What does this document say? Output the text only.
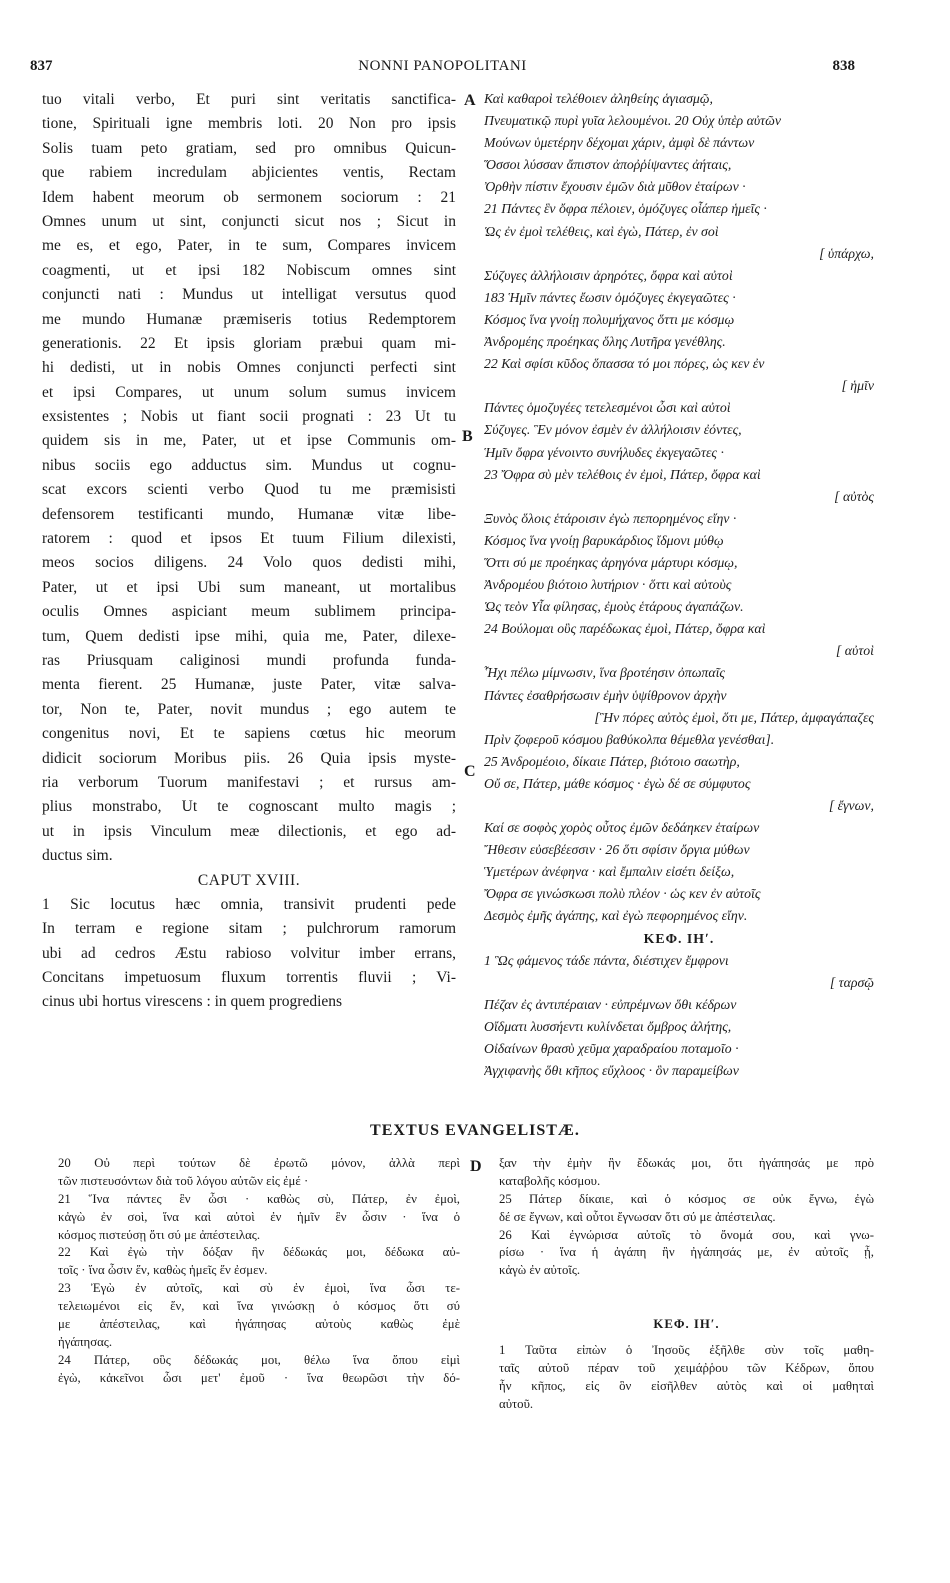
837	NONNI PANOPOLITANI	838
tuo vitali verbo, Et puri sint veritatis sanctifica-
tione, Spirituali igne membris loti. 20 Non pro ipsis
Solis tuam peto gratiam, sed pro omnibus Quicun-
que rabiem incredulam abjicientes ventis, Rectam
Idem habent meorum ob sermonem sociorum : 21
Omnes unum ut sint, conjuncti sicut nos ; Sicut in
me es, et ego, Pater, in te sum, Compares invicem
coagmenti, ut et ipsi 182 Nobiscum omnes sint
conjuncti nati : Mundus ut intelligat versutus quod
me mundo Humanæ præmiseris totius Redemptorem
generationis. 22 Et ipsis gloriam præbui quam mi-
hi dedisti, ut in nobis Omnes conjuncti perfecti sint
et ipsi Compares, ut unum solum sumus invicem
exsistentes ; Nobis ut fiant socii prognati : 23 Ut tu
quidem sis in me, Pater, ut et ipse Communis om-
nibus sociis ego adductus sim. Mundus ut cognu-
scat excors scienti verbo Quod tu me præmisisti
defensorem testificanti mundo, Humanæ vitæ libe-
ratorem : quod et ipsos Et tuum Filium dilexisti,
meos socios diligens. 24 Volo quos dedisti mihi,
Pater, ut et ipsi Ubi sum maneant, ut mortalibus
oculis Omnes aspiciant meum sublimem principa-
tum, Quem dedisti ipse mihi, quia me, Pater, dilexe-
ras Priusquam caliginosi mundi profunda funda-
menta fierent. 25 Humanæ, juste Pater, vitæ salva-
tor, Non te, Pater, novit mundus ; ego autem te
congenitus novi, Et te sapiens cœtus hic meorum
didicit sociorum Moribus piis. 26 Quia ipsis myste-
ria verborum Tuorum manifestavi ; et rursus am-
plius monstrabo, Ut te cognoscant multo magis ;
ut in ipsis Vinculum meæ dilectionis, et ego ad-
ductus sim.
CAPUT XVIII.
1 Sic locutus hæc omnia, transivit prudenti pede
In terram e regione sitam ; pulchrorum ramorum
ubi ad cedros Æstu rabioso volvitur imber errans,
Concitans impetuosum fluxum torrentis fluvii ; Vi-
cinus ubi hortus virescens : in quem progrediens
Καὶ καθαροὶ τελέθοιεν ἀληθείης ἁγιασμῷ,
Πνευματικῷ πυρὶ γυῖα λελουμένοι. 20 Οὐχ ὑπὲρ αὐτῶν
Μούνων ὑμετέρην δέχομαι χάριν, ἀμφὶ δὲ πάντων
Ὅσσοι λύσσαν ἄπιστον ἀποῤῥίψαντες ἀήταις,
Ὀρθὴν πίστιν ἔχουσιν ἐμῶν διὰ μῦθον ἑταίρων ·
21 Πάντες ἓν ὄφρα πέλοιεν, ὁμόζυγες οἷάπερ ἡμεῖς ·
Ὡς ἐν ἐμοὶ τελέθεις, καὶ ἐγὼ, Πάτερ, ἐν σοὶ
[ ὑπάρχω,
Σύζυγες ἀλλήλοισιν ἀρηρότες, ὄφρα καὶ αὐτοὶ
183 Ἡμῖν πάντες ἔωσιν ὁμόζυγες ἐκγεγαῶτες ·
Κόσμος ἵνα γνοίῃ πολυμήχανος ὅττι με κόσμῳ
Ἀνδρομέης προέηκας ὅλης Λυτῆρα γενέθλης.
22 Καὶ σφίσι κῦδος ὅπασσα τό μοι πόρες, ὡς κεν ἐν
[ ἡμῖν
Πάντες ὁμοζυγέες τετελεσμένοι ὦσι καὶ αὐτοὶ
Σύζυγες. Ἓν μόνον ἐσμὲν ἐν ἀλλήλοισιν ἐόντες,
Ἡμῖν ὄφρα γένοιντο συνήλυδες ἐκγεγαῶτες ·
23 Ὄφρα σὺ μὲν τελέθοις ἐν ἐμοὶ, Πάτερ, ὄφρα καὶ
[ αὐτὸς
Ξυνὸς ὅλοις ἑτάροισιν ἐγὼ πεπορημένος εἴην ·
Κόσμος ἵνα γνοίῃ βαρυκάρδιος ἴδμονι μύθῳ
Ὅττι σύ με προέηκας ἀρηγόνα μάρτυρι κόσμῳ,
Ἀνδρομέου βιότοιο λυτήριον · ὅττι καὶ αὐτοὺς
Ὡς τεὸν Υἷα φίλησας, ἐμοὺς ἑτάρους ἀγαπάζων.
24 Βούλομαι οὓς παρέδωκας ἐμοὶ, Πάτερ, ὄφρα καὶ
[ αὐτοὶ
Ἧχι πέλω μίμνωσιν, ἵνα βροτέησιν ὀπωπαῖς
Πάντες ἐσαθρήσωσιν ἐμὴν ὑψίθρονον ἀρχὴν
[Ἣν πόρες αὐτὸς ἐμοὶ, ὅτι με, Πάτερ, ἀμφαγάπαζες
Πρὶν ζοφεροῦ κόσμου βαθύκολπα θέμεθλα γενέσθαι].
25 Ἀνδρομέοιο, δίκαιε Πάτερ, βιότοιο σαωτὴρ,
Οὔ σε, Πάτερ, μάθε κόσμος · ἐγὼ δέ σε σύμφυτος
[ ἔγνων,
Καί σε σοφὸς χορὸς οὗτος ἐμῶν δεδάηκεν ἑταίρων
Ἤθεσιν εὐσεβέεσσιν · 26 ὅτι σφίσιν ὄργια μύθων
Ὑμετέρων ἀνέφηνα · καὶ ἔμπαλιν εἰσέτι δείξω,
Ὄφρα σε γινώσκωσι πολὺ πλέον · ὡς κεν ἐν αὐτοῖς
Δεσμὸς ἐμῆς ἀγάπης, καὶ ἐγὼ πεφορημένος εἴην.
ΚΕΦ. ΙΗʹ.
1 Ὣς φάμενος τάδε πάντα, διέστιχεν ἔμφρονι
[ ταρσῷ
Πέζαν ἐς ἀντιπέραιαν · εὐπρέμνων ὅθι κέδρων
Οἴδματι λυσσήεντι κυλίνδεται ὄμβρος ἀλήτης,
Οἰδαίνων θρασὺ χεῦμα χαραδραίου ποταμοῖο ·
Ἀγχιφανὴς ὅθι κῆπος εὔχλοος · ὃν παραμείβων
A
B
C
D
TEXTUS EVANGELISTÆ.
20 Οὐ περὶ τούτων δὲ ἐρωτῶ μόνον, ἀλλὰ περὶ
τῶν πιστευσόντων διὰ τοῦ λόγου αὐτῶν εἰς ἐμέ ·
21 Ἵνα πάντες ἓν ὦσι · καθὼς σὺ, Πάτερ, ἐν ἐμοὶ,
κἀγὼ ἐν σοὶ, ἵνα καὶ αὐτοὶ ἐν ἡμῖν ἓν ὦσιν · ἵνα ὁ
κόσμος πιστεύσῃ ὅτι σύ με ἀπέστειλας.
22 Καὶ ἐγὼ τὴν δόξαν ἣν δέδωκάς μοι, δέδωκα αὐ-
τοῖς · ἵνα ὦσιν ἕν, καθὼς ἡμεῖς ἕν ἐσμεν.
23 Ἐγὼ ἐν αὐτοῖς, καὶ σὺ ἐν ἐμοὶ, ἵνα ὦσι τε-
τελειωμένοι εἰς ἕν, καὶ ἵνα γινώσκῃ ὁ κόσμος ὅτι σύ
με ἀπέστειλας, καὶ ἠγάπησας αὐτοὺς καθὼς ἐμὲ
ἠγάπησας.
24 Πάτερ, οὓς δέδωκάς μοι, θέλω ἵνα ὅπου εἰμὶ
ἐγὼ, κἀκεῖνοι ὦσι μετ' ἐμοῦ · ἵνα θεωρῶσι τὴν δό-
ξαν τὴν ἐμὴν ἣν ἔδωκάς μοι, ὅτι ἠγάπησάς με πρὸ
καταβολῆς κόσμου.
25 Πάτερ δίκαιε, καὶ ὁ κόσμος σε οὐκ ἔγνω, ἐγὼ
δέ σε ἔγνων, καὶ οὗτοι ἔγνωσαν ὅτι σύ με ἀπέστειλας.
26 Καὶ ἐγνώρισα αὐτοῖς τὸ ὄνομά σου, καὶ γνω-
ρίσω · ἵνα ἡ ἀγάπη ἣν ἠγάπησάς με, ἐν αὐτοῖς ᾖ,
κἀγὼ ἐν αὐτοῖς.
ΚΕΦ. ΙΗʹ.
1 Ταῦτα εἰπὼν ὁ Ἰησοῦς ἐξῆλθε σὺν τοῖς μαθη-
ταῖς αὐτοῦ πέραν τοῦ χειμάῤῥου τῶν Κέδρων, ὅπου
ἦν κῆπος, εἰς ὃν εἰσῆλθεν αὐτὸς καὶ οἱ μαθηταὶ
αὐτοῦ.
